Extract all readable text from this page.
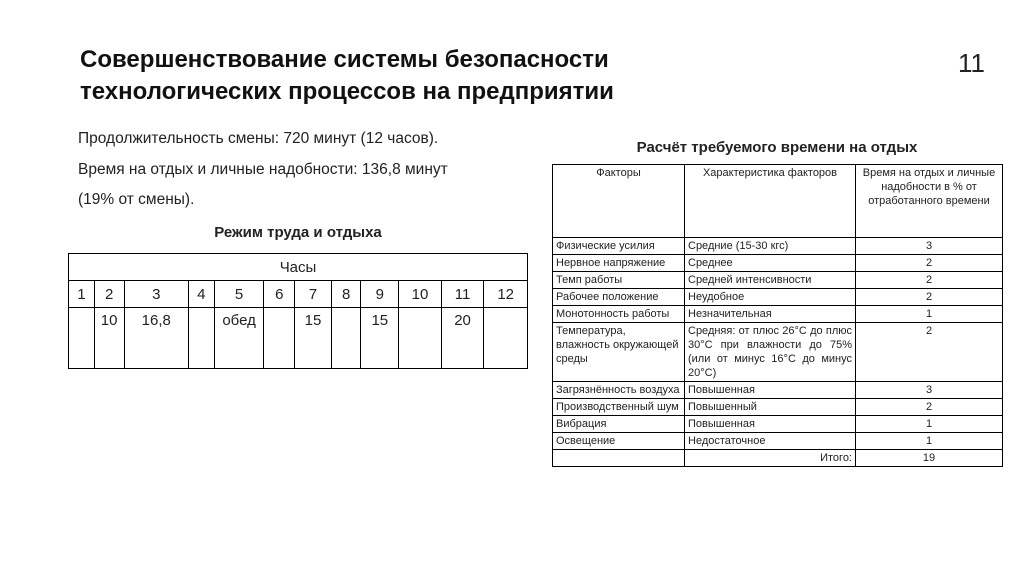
Совершенствование системы безопасности
технологических процессов на предприятии
11
Продолжительность смены: 720 минут (12 часов).
Время на отдых и личные надобности: 136,8 минут
(19% от смены).
Режим труда и отдыха
Часы											
1	2	3	4	5	6	7	8	9	10	11	12
	10	16,8		обед		15		15		20	
Расчёт требуемого времени на отдых
Факторы	Характеристика факторов	Время на отдых и личные надобности в % от отработанного времени
Физические усилия	Средние (15-30 кгс)	3
Нервное напряжение	Среднее	2
Темп работы	Средней интенсивности	2
Рабочее положение	Неудобное	2
Монотонность работы	Незначительная	1
Температура, влажность окружающей среды	Средняя: от плюс 26°С до плюс 30°С при влажности до 75% (или от минус 16°С до минус 20°С)	2
Загрязнённость воздуха	Повышенная	3
Производственный шум	Повышенный	2
Вибрация	Повышенная	1
Освещение	Недостаточное	1
	Итого:	19
